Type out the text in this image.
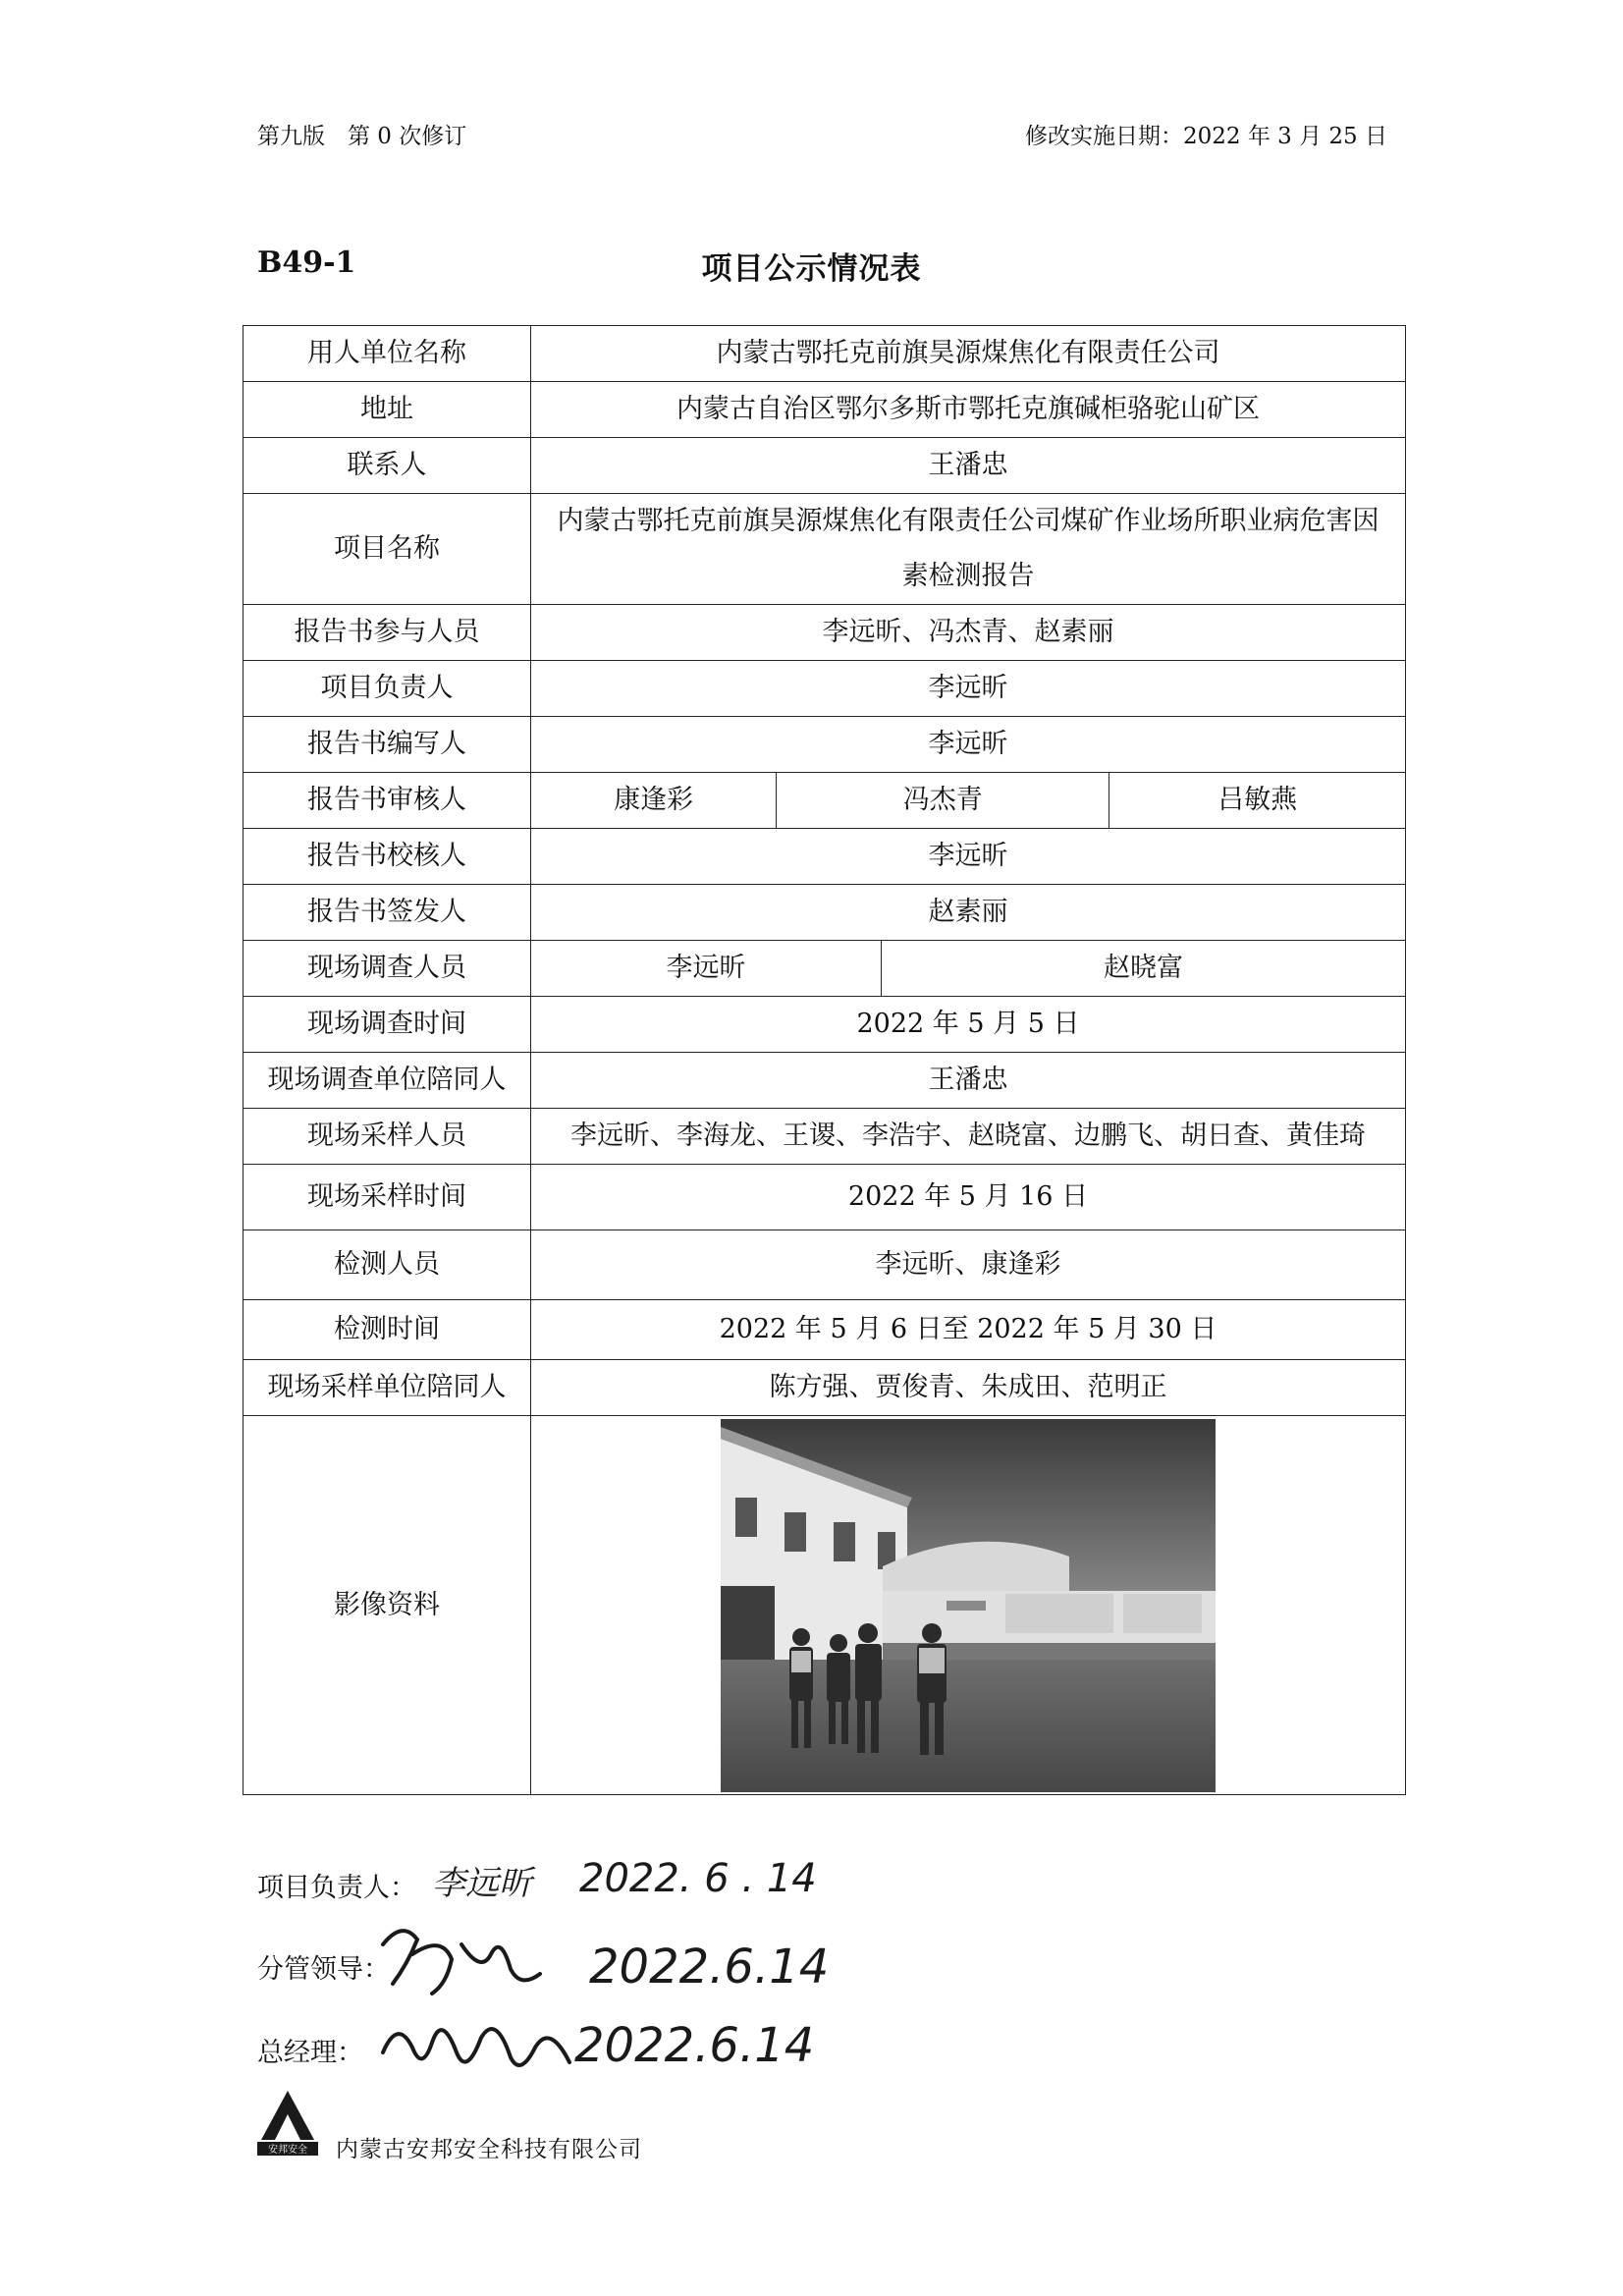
第九版　第 0 次修订	修改实施日期：2022 年 3 月 25 日
B49-1	项目公示情况表
用人单位名称	内蒙古鄂托克前旗昊源煤焦化有限责任公司
地址	内蒙古自治区鄂尔多斯市鄂托克旗碱柜骆驼山矿区
联系人	王潘忠
项目名称	内蒙古鄂托克前旗昊源煤焦化有限责任公司煤矿作业场所职业病危害因素检测报告
报告书参与人员	李远昕、冯杰青、赵素丽
项目负责人	李远昕
报告书编写人	李远昕
报告书审核人		康逢彩	冯杰青	吕敏燕

报告书校核人	李远昕
报告书签发人	赵素丽
现场调查人员		李远昕	赵晓富

现场调查时间	2022 年 5 月 5 日
现场调查单位陪同人	王潘忠
现场采样人员	李远昕、李海龙、王谡、李浩宇、赵晓富、边鹏飞、胡日查、黄佳琦
现场采样时间	2022 年 5 月 16 日
检测人员	李远昕、康逢彩
检测时间	2022 年 5 月 6 日至 2022 年 5 月 30 日
现场采样单位陪同人	陈方强、贾俊青、朱成田、范明正
影像资料	
项目负责人： 李远昕 2022. 6 . 14
分管领导：	2022.6.14
总经理：	2022.6.14
安邦安全 内蒙古安邦安全科技有限公司
